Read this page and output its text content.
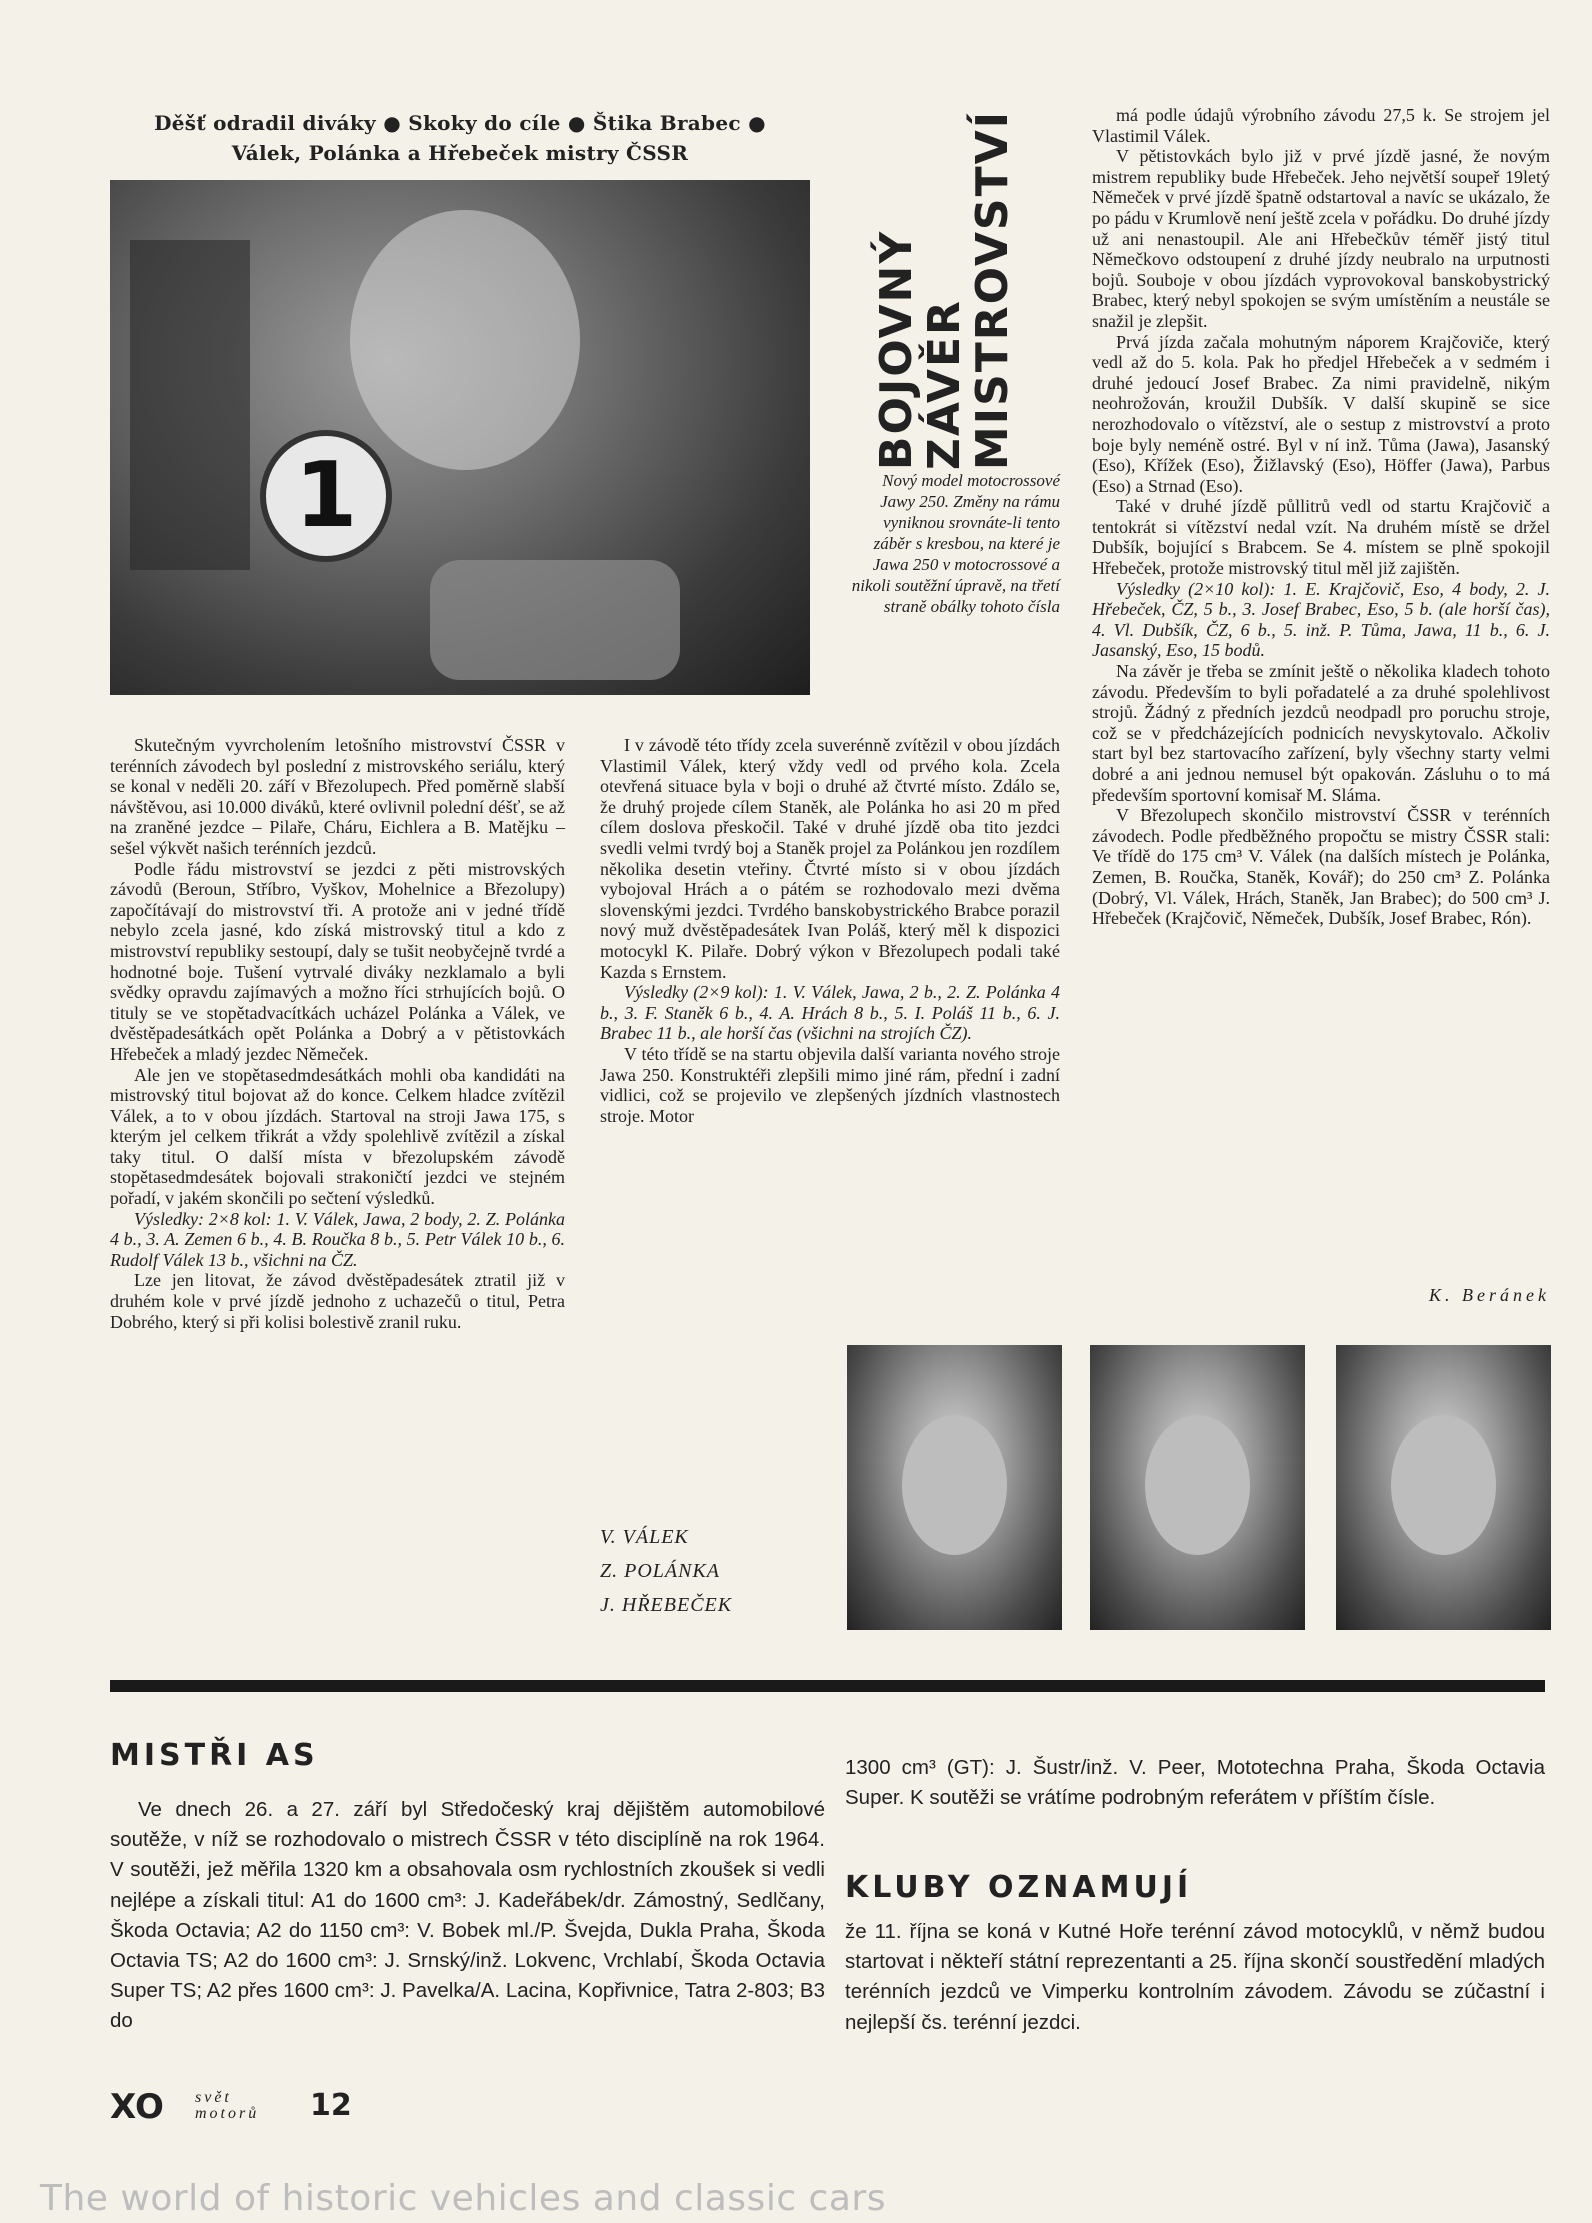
Děšť odradil diváky ● Skoky do cíle ● Štika Brabec ●
Válek, Polánka a Hřebeček mistry ČSSR
1
BOJOVNÝ
ZÁVĚR
MISTROVSTVÍ
Nový model motocrossové Jawy 250. Změny na rámu vyniknou srovnáte-li tento záběr s kresbou, na které je Jawa 250 v motocrossové a nikoli soutěžní úpravě, na třetí straně obálky tohoto čísla

Skutečným vyvrcholením letošního mistrovství ČSSR v terénních závodech byl poslední z mistrovského seriálu, který se konal v neděli 20. září v Březolupech. Před poměrně slabší návštěvou, asi 10.000 diváků, které ovlivnil polední déšť, se až na zraněné jezdce – Pilaře, Cháru, Eichlera a B. Matějku – sešel výkvět našich terénních jezdců.

Podle řádu mistrovství se jezdci z pěti mistrovských závodů (Beroun, Stříbro, Vyškov, Mohelnice a Březolupy) započítávají do mistrovství tři. A protože ani v jedné třídě nebylo zcela jasné, kdo získá mistrovský titul a kdo z mistrovství republiky sestoupí, daly se tušit neobyčejně tvrdé a hodnotné boje. Tušení vytrvalé diváky nezklamalo a byli svědky opravdu zajímavých a možno říci strhujících bojů. O tituly se ve stopětadvacítkách ucházel Polánka a Válek, ve dvěstěpadesátkách opět Polánka a Dobrý a v pětistovkách Hřebeček a mladý jezdec Němeček.

Ale jen ve stopětasedmdesátkách mohli oba kandidáti na mistrovský titul bojovat až do konce. Celkem hladce zvítězil Válek, a to v obou jízdách. Startoval na stroji Jawa 175, s kterým jel celkem třikrát a vždy spolehlivě zvítězil a získal taky titul. O další místa v březolupském závodě stopětasedmdesátek bojovali strakoničtí jezdci ve stejném pořadí, v jakém skončili po sečtení výsledků.

Výsledky: 2×8 kol: 1. V. Válek, Jawa, 2 body, 2. Z. Polánka 4 b., 3. A. Zemen 6 b., 4. B. Roučka 8 b., 5. Petr Válek 10 b., 6. Rudolf Válek 13 b., všichni na ČZ.

Lze jen litovat, že závod dvěstěpadesátek ztratil již v druhém kole v prvé jízdě jednoho z uchazečů o titul, Petra Dobrého, který si při kolisi bolestivě zranil ruku.

I v závodě této třídy zcela suverénně zvítězil v obou jízdách Vlastimil Válek, který vždy vedl od prvého kola. Zcela otevřená situace byla v boji o druhé až čtvrté místo. Zdálo se, že druhý projede cílem Staněk, ale Polánka ho asi 20 m před cílem doslova přeskočil. Také v druhé jízdě oba tito jezdci svedli velmi tvrdý boj a Staněk projel za Polánkou jen rozdílem několika desetin vteřiny. Čtvrté místo si v obou jízdách vybojoval Hrách a o pátém se rozhodovalo mezi dvěma slovenskými jezdci. Tvrdého banskobystrického Brabce porazil nový muž dvěstěpadesátek Ivan Poláš, který měl k dispozici motocykl K. Pilaře. Dobrý výkon v Březolupech podali také Kazda s Ernstem.

Výsledky (2×9 kol): 1. V. Válek, Jawa, 2 b., 2. Z. Polánka 4 b., 3. F. Staněk 6 b., 4. A. Hrách 8 b., 5. I. Poláš 11 b., 6. J. Brabec 11 b., ale horší čas (všichni na strojích ČZ).

V této třídě se na startu objevila další varianta nového stroje Jawa 250. Konstruktéři zlepšili mimo jiné rám, přední i zadní vidlici, což se projevilo ve zlepšených jízdních vlastnostech stroje. Motor

má podle údajů výrobního závodu 27,5 k. Se strojem jel Vlastimil Válek.

V pětistovkách bylo již v prvé jízdě jasné, že novým mistrem republiky bude Hřebeček. Jeho největší soupeř 19letý Němeček v prvé jízdě špatně odstartoval a navíc se ukázalo, že po pádu v Krumlově není ještě zcela v pořádku. Do druhé jízdy už ani nenastoupil. Ale ani Hřebečkův téměř jistý titul Němečkovo odstoupení z druhé jízdy neubralo na urputnosti bojů. Souboje v obou jízdách vyprovokoval banskobystrický Brabec, který nebyl spokojen se svým umístěním a neustále se snažil je zlepšit.

Prvá jízda začala mohutným náporem Krajčoviče, který vedl až do 5. kola. Pak ho předjel Hřebeček a v sedmém i druhé jedoucí Josef Brabec. Za nimi pravidelně, nikým neohrožován, kroužil Dubšík. V další skupině se sice nerozhodovalo o vítězství, ale o sestup z mistrovství a proto boje byly neméně ostré. Byl v ní inž. Tůma (Jawa), Jasanský (Eso), Křížek (Eso), Žižlavský (Eso), Höffer (Jawa), Parbus (Eso) a Strnad (Eso).

Také v druhé jízdě půllitrů vedl od startu Krajčovič a tentokrát si vítězství nedal vzít. Na druhém místě se držel Dubšík, bojující s Brabcem. Se 4. místem se plně spokojil Hřebeček, protože mistrovský titul měl již zajištěn.

Výsledky (2×10 kol): 1. E. Krajčovič, Eso, 4 body, 2. J. Hřebeček, ČZ, 5 b., 3. Josef Brabec, Eso, 5 b. (ale horší čas), 4. Vl. Dubšík, ČZ, 6 b., 5. inž. P. Tůma, Jawa, 11 b., 6. J. Jasanský, Eso, 15 bodů.

Na závěr je třeba se zmínit ještě o několika kladech tohoto závodu. Především to byli pořadatelé a za druhé spolehlivost strojů. Žádný z předních jezdců neodpadl pro poruchu stroje, což se v předcházejících podnicích nevyskytovalo. Ačkoliv start byl bez startovacího zařízení, byly všechny starty velmi dobré a ani jednou nemusel být opakován. Zásluhu o to má především sportovní komisař M. Sláma.

V Březolupech skončilo mistrovství ČSSR v terénních závodech. Podle předběžného propočtu se mistry ČSSR stali: Ve třídě do 175 cm³ V. Válek (na dalších místech je Polánka, Zemen, B. Roučka, Staněk, Kovář); do 250 cm³ Z. Polánka (Dobrý, Vl. Válek, Hrách, Staněk, Jan Brabec); do 500 cm³ J. Hřebeček (Krajčovič, Němeček, Dubšík, Josef Brabec, Rón).

K. Beránek
V. VÁLEK
Z. POLÁNKA
J. HŘEBEČEK
MISTŘI AS

Ve dnech 26. a 27. září byl Středočeský kraj dějištěm automobilové soutěže, v níž se rozhodovalo o mistrech ČSSR v této disciplíně na rok 1964. V soutěži, jež měřila 1320 km a obsahovala osm rychlostních zkoušek si vedli nejlépe a získali titul: A1 do 1600 cm³: J. Kadeřábek/dr. Zámostný, Sedlčany, Škoda Octavia; A2 do 1150 cm³: V. Bobek ml./P. Švejda, Dukla Praha, Škoda Octavia TS; A2 do 1600 cm³: J. Srnský/inž. Lokvenc, Vrchlabí, Škoda Octavia Super TS; A2 přes 1600 cm³: J. Pavelka/A. Lacina, Kopřivnice, Tatra 2-803; B3 do

1300 cm³ (GT): J. Šustr/inž. V. Peer, Mototechna Praha, Škoda Octavia Super. K soutěži se vrátíme podrobným referátem v příštím čísle.
KLUBY OZNAMUJÍ
že 11. října se koná v Kutné Hoře terénní závod motocyklů, v němž budou startovat i někteří státní reprezentanti a 25. října skončí soustředění mladých terénních jezdců ve Vimperku kontrolním závodem. Závodu se zúčastní i nejlepší čs. terénní jezdci.
XO	svět
motorů 12
The world of historic vehicles and classic cars
